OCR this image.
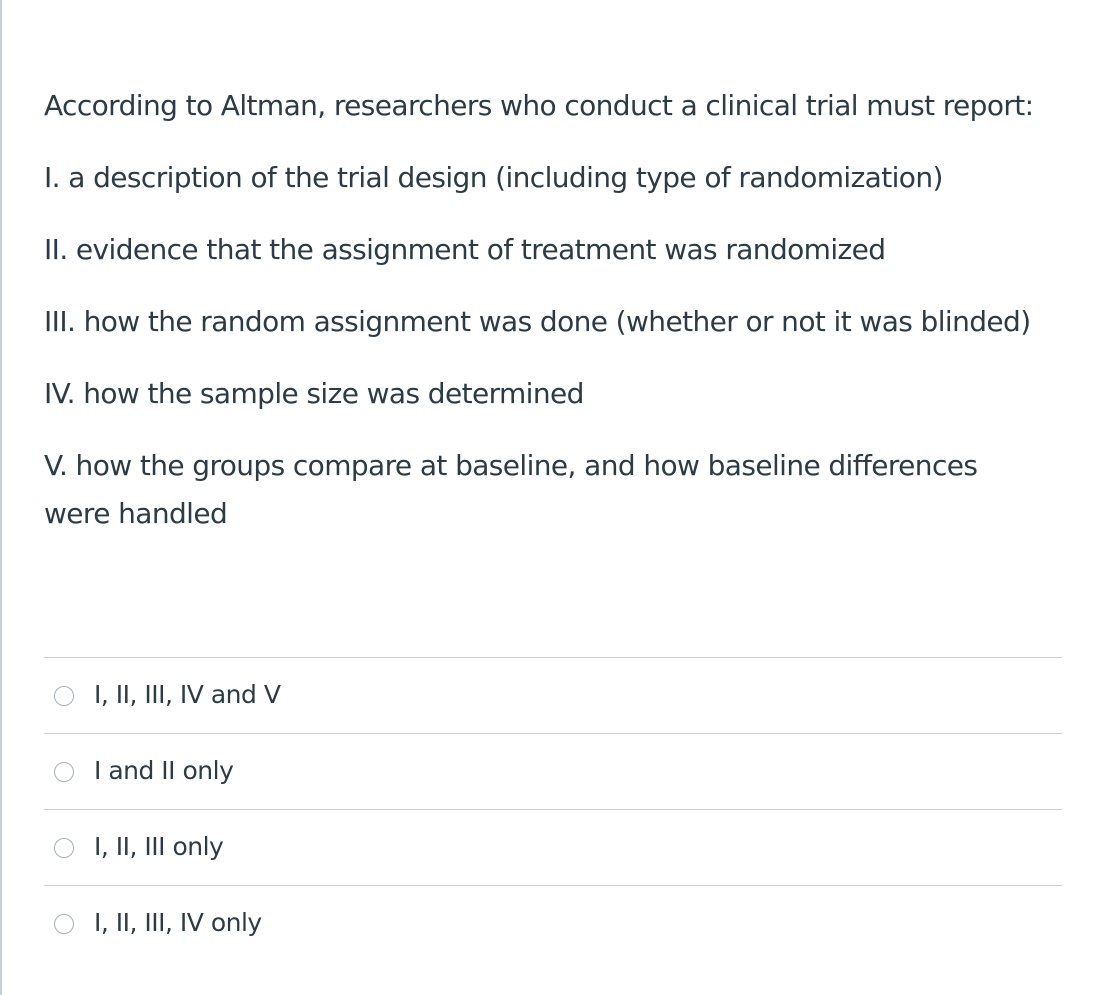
According to Altman, researchers who conduct a clinical trial must report:

I. a description of the trial design (including type of randomization)

II. evidence that the assignment of treatment was randomized

III. how the random assignment was done (whether or not it was blinded)

IV. how the sample size was determined

V. how the groups compare at baseline, and how baseline differences were handled

I, II, III, IV and V
I and II only
I, II, III only
I, II, III, IV only
